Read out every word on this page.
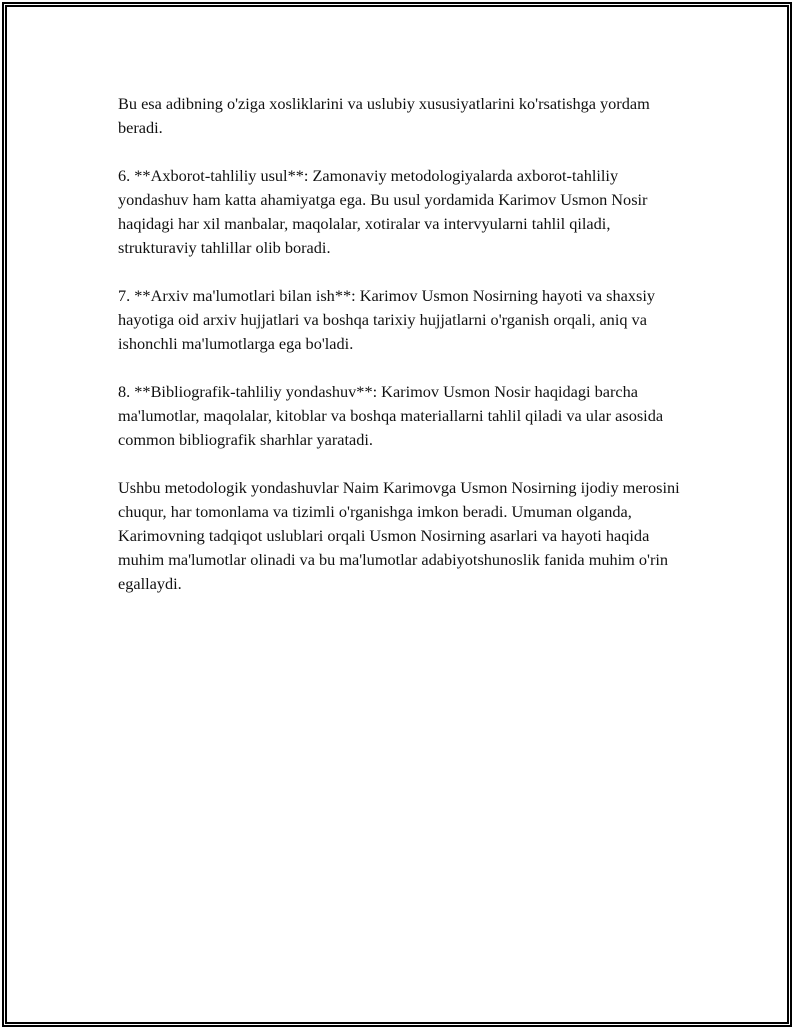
Bu esa adibning o'ziga xosliklarini va uslubiy xususiyatlarini ko'rsatishga yordam beradi.

6. **Axborot-tahliliy usul**: Zamonaviy metodologiyalarda axborot-tahliliy yondashuv ham katta ahamiyatga ega. Bu usul yordamida Karimov Usmon Nosir haqidagi har xil manbalar, maqolalar, xotiralar va intervyularni tahlil qiladi, strukturaviy tahlillar olib boradi.

7. **Arxiv ma'lumotlari bilan ish**: Karimov Usmon Nosirning hayoti va shaxsiy hayotiga oid arxiv hujjatlari va boshqa tarixiy hujjatlarni o'rganish orqali, aniq va ishonchli ma'lumotlarga ega bo'ladi.

8. **Bibliografik-tahliliy yondashuv**: Karimov Usmon Nosir haqidagi barcha ma'lumotlar, maqolalar, kitoblar va boshqa materiallarni tahlil qiladi va ular asosida common bibliografik sharhlar yaratadi.

Ushbu metodologik yondashuvlar Naim Karimovga Usmon Nosirning ijodiy merosini chuqur, har tomonlama va tizimli o'rganishga imkon beradi. Umuman olganda, Karimovning tadqiqot uslublari orqali Usmon Nosirning asarlari va hayoti haqida muhim ma'lumotlar olinadi va bu ma'lumotlar adabiyotshunoslik fanida muhim o'rin egallaydi.
